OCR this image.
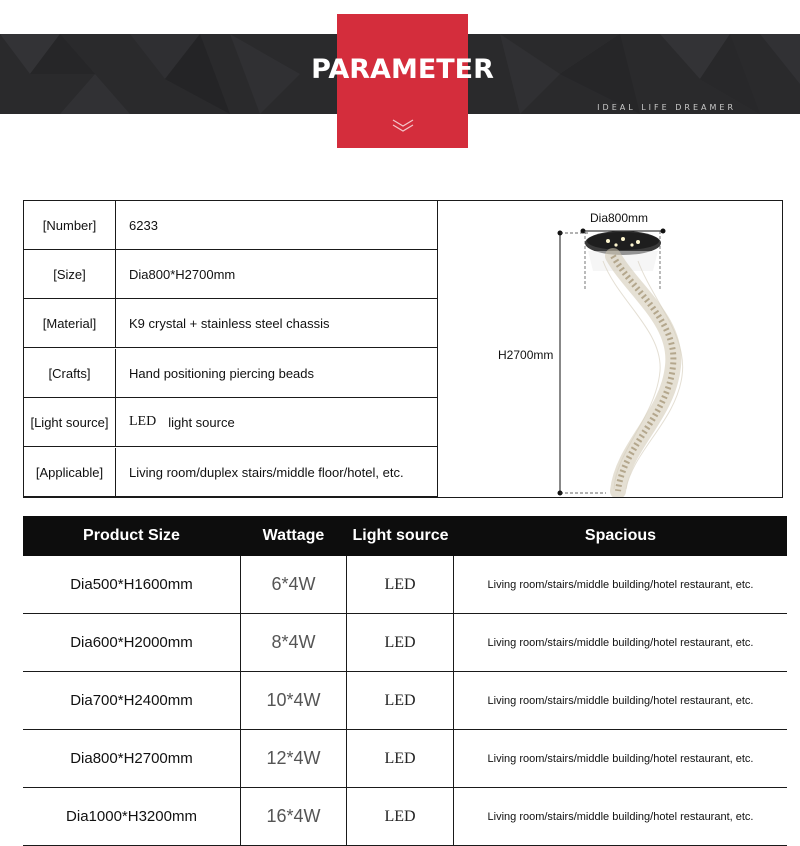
IDEAL LIFE DREAMER
PARAMETER
[Number]	6233
[Size]	Dia800*H2700mm
[Material]	K9 crystal + stainless steel chassis
[Crafts]	Hand positioning piercing beads
[Light source]	LED light source
[Applicable]	Living room/duplex stairs/middle floor/hotel, etc.
Dia800mm
H2700mm
Product Size	Wattage	Light source	Spacious
Dia500*H1600mm	6*4W	LED	Living room/stairs/middle building/hotel restaurant, etc.
Dia600*H2000mm	8*4W	LED	Living room/stairs/middle building/hotel restaurant, etc.
Dia700*H2400mm	10*4W	LED	Living room/stairs/middle building/hotel restaurant, etc.
Dia800*H2700mm	12*4W	LED	Living room/stairs/middle building/hotel restaurant, etc.
Dia1000*H3200mm	16*4W	LED	Living room/stairs/middle building/hotel restaurant, etc.
